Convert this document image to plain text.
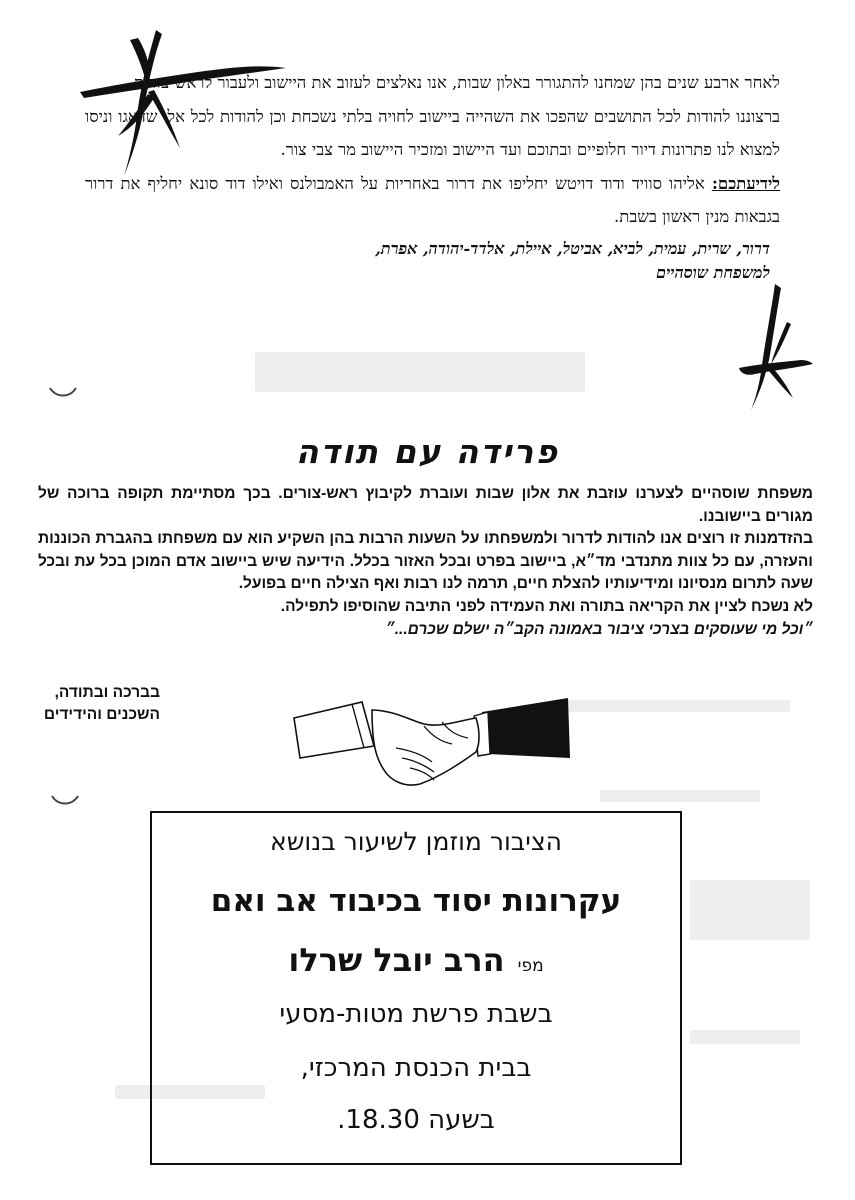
לאחר ארבע שנים בהן שמחנו להתגורר באלון שבות, אנו נאלצים לעזוב את היישוב ולעבור לראש-צורים.

ברצוננו להודות לכל התושבים שהפכו את השהייה ביישוב לחויה בלתי נשכחת וכן להודות לכל אלו שדאגו וניסו למצוא לנו פתרונות דיור חלופיים ובתוכם ועד היישוב ומזכיר היישוב מר צבי צור.

לידיעתכם: אליהו סוויד ודוד דויטש יחליפו את דרור באחריות על האמבולנס ואילו דוד סונא יחליף את דרור בגבאות מנין ראשון בשבת.

דרור, שרית, עמית, לביא, אביטל, איילת, אלדד-יהודה, אפרת,
למשפחת שוסהיים
פרידה עם תודה

משפחת שוסהיים לצערנו עוזבת את אלון שבות ועוברת לקיבוץ ראש-צורים. בכך מסתיימת תקופה ברוכה של מגורים ביישובנו.

בהזדמנות זו רוצים אנו להודות לדרור ולמשפחתו על השעות הרבות בהן השקיע הוא עם משפחתו בהגברת הכוננות והעזרה, עם כל צוות מתנדבי מד״א, ביישוב בפרט ובכל האזור בכלל. הידיעה שיש ביישוב אדם המוכן בכל עת ובכל שעה לתרום מנסיונו ומידיעותיו להצלת חיים, תרמה לנו רבות ואף הצילה חיים בפועל.

לא נשכח לציין את הקריאה בתורה ואת העמידה לפני התיבה שהוסיפו לתפילה.

״וכל מי שעוסקים בצרכי ציבור באמונה הקב״ה ישלם שכרם...״

בברכה ובתודה,
השכנים והידידים
הציבור מוזמן לשיעור בנושא
עקרונות יסוד בכיבוד אב ואם
מפי הרב יובל שרלו
בשבת פרשת מטות-מסעי
בבית הכנסת המרכזי,
בשעה 18.30.
